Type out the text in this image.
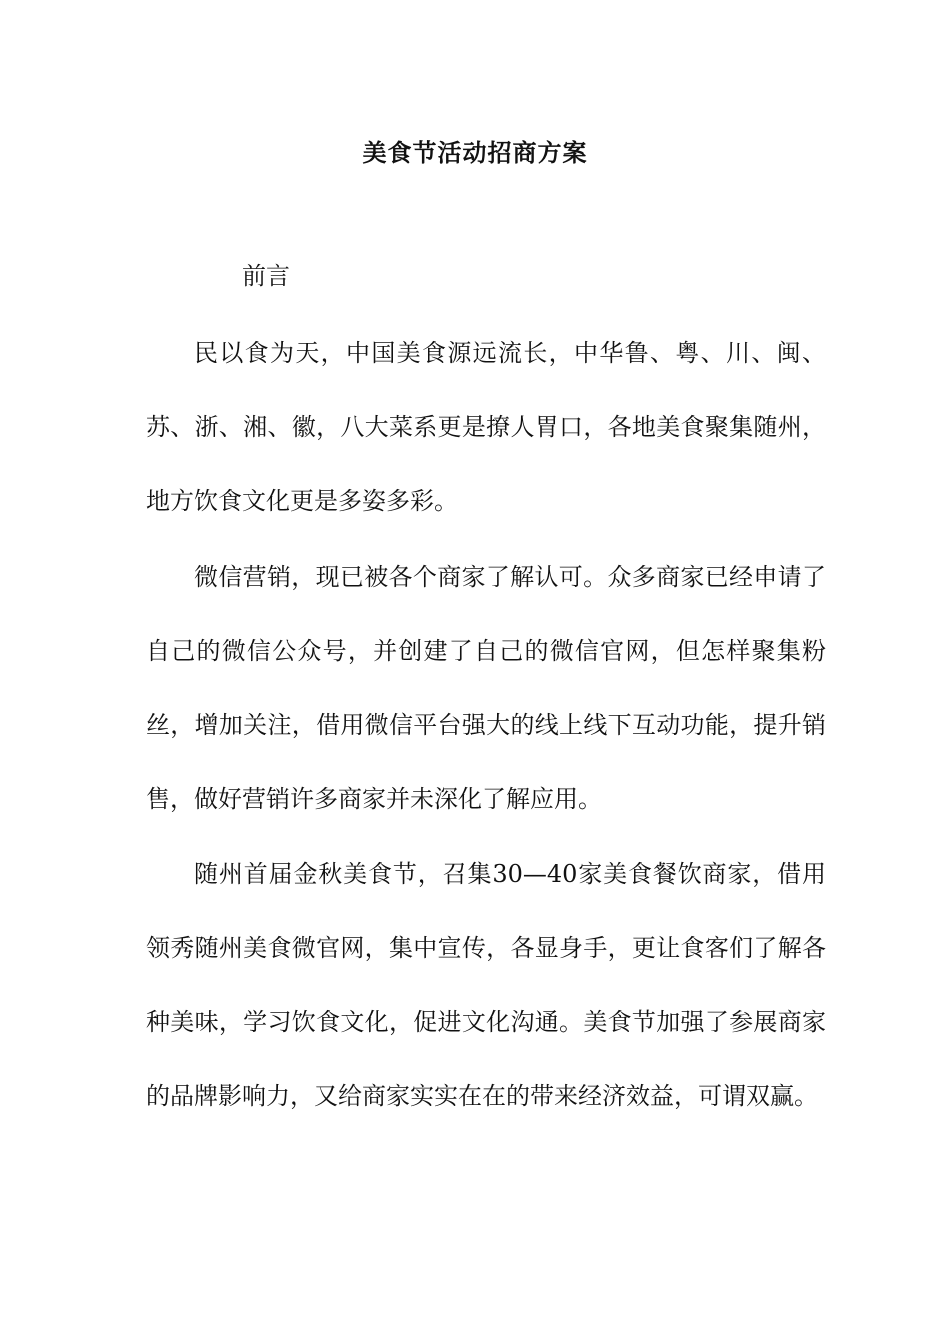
美食节活动招商方案
前言

民以食为天，中国美食源远流长，中华鲁、粤、川、闽、苏、浙、湘、徽，八大菜系更是撩人胃口，各地美食聚集随州，地方饮食文化更是多姿多彩。

微信营销，现已被各个商家了解认可。众多商家已经申请了自己的微信公众号，并创建了自己的微信官网，但怎样聚集粉丝，增加关注，借用微信平台强大的线上线下互动功能，提升销售，做好营销许多商家并未深化了解应用。

随州首届金秋美食节，召集30—40家美食餐饮商家，借用领秀随州美食微官网，集中宣传，各显身手，更让食客们了解各种美味，学习饮食文化，促进文化沟通。美食节加强了参展商家的品牌影响力，又给商家实实在在的带来经济效益，可谓双赢。
